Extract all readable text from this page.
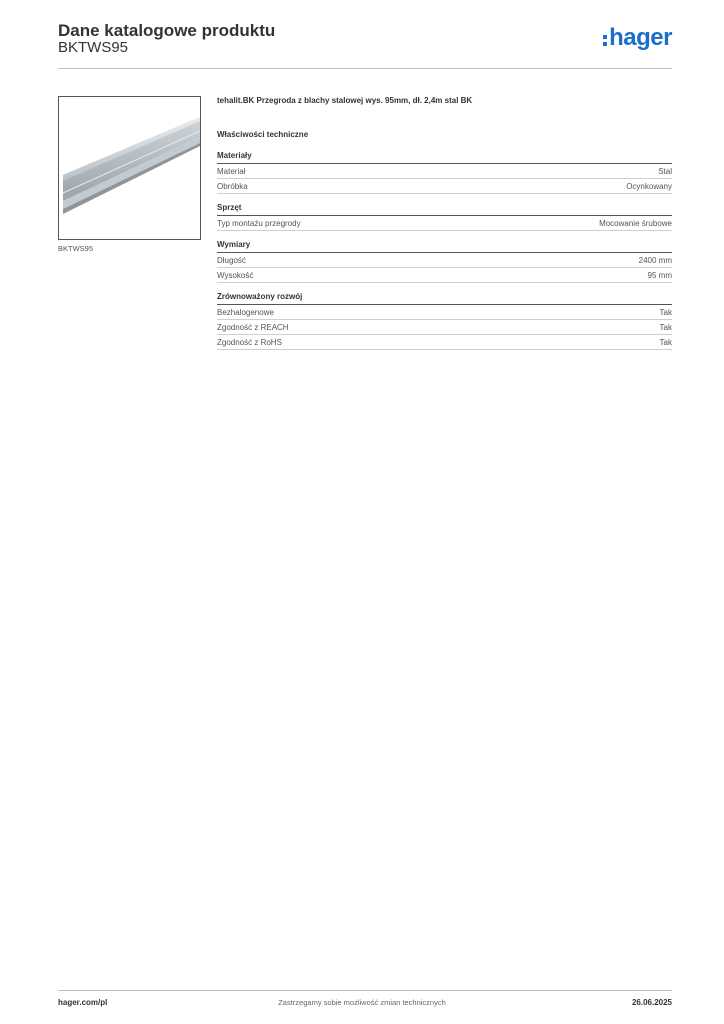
Dane katalogowe produktu
BKTWS95	hager
BKTWS95
tehalit.BK Przegroda z blachy stalowej wys. 95mm, dł. 2,4m stal BK
Właściwości techniczne
Materiały
Materiał	Stal
Obróbka	Ocynkowany
Sprzęt
Typ montażu przegrody	Mocowanie śrubowe
Wymiary
Długość	2400 mm
Wysokość	95 mm
Zrównoważony rozwój
Bezhalogenowe	Tak
Zgodność z REACH	Tak
Zgodność z RoHS	Tak
hager.com/pl	Zastrzegamy sobie możliwość zmian technicznych	26.06.2025
